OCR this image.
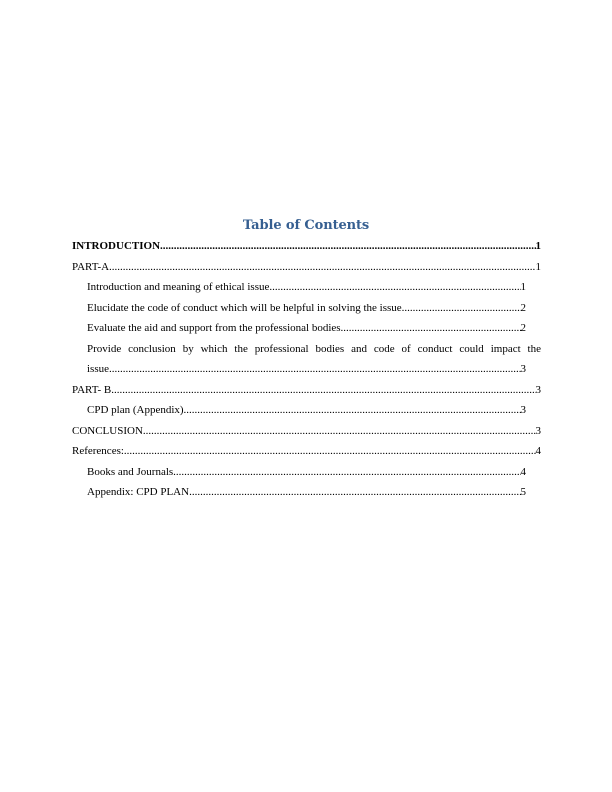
Table of Contents
INTRODUCTION .....	1
PART-A .....	1
Introduction and meaning of ethical issue .....	1
Elucidate the code of conduct which will be helpful in solving the issue .....	2
Evaluate the aid and support from the professional bodies .....	2
Provide conclusion by which the professional bodies and code of conduct could impact the
issue .....	3
PART- B .....	3
CPD plan (Appendix) .....	3
CONCLUSION .....	3
References: .....	4
Books and Journals .....	4
Appendix: CPD PLAN .....	5
